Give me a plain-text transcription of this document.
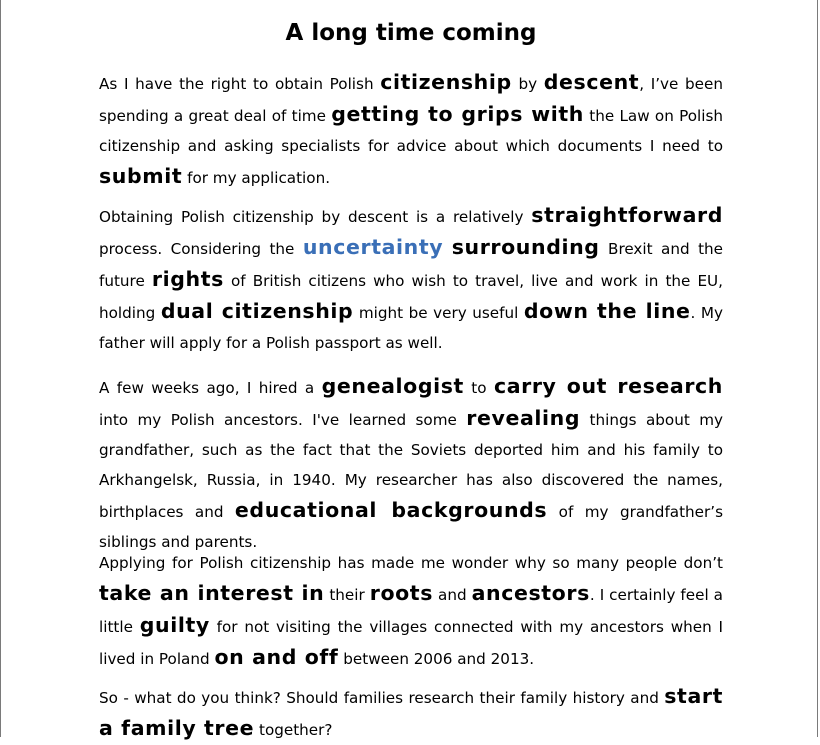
A long time coming

As I have the right to obtain Polish citizenship by descent, I’ve been spending a great deal of time getting to grips with the Law on Polish citizenship and asking specialists for advice about which documents I need to submit for my application.

Obtaining Polish citizenship by descent is a relatively straightforward process. Considering the uncertainty surrounding Brexit and the future rights of British citizens who wish to travel, live and work in the EU, holding dual citizenship might be very useful down the line. My father will apply for a Polish passport as well.

A few weeks ago, I hired a genealogist to carry out research into my Polish ancestors. I've learned some revealing things about my grandfather, such as the fact that the Soviets deported him and his family to Arkhangelsk, Russia, in 1940. My researcher has also discovered the names, birthplaces and educational backgrounds of my grandfather’s siblings and parents.

Applying for Polish citizenship has made me wonder why so many people don’t take an interest in their roots and ancestors. I certainly feel a little guilty for not visiting the villages connected with my ancestors when I lived in Poland on and off between 2006 and 2013.

So - what do you think? Should families research their family history and start a family tree together?
